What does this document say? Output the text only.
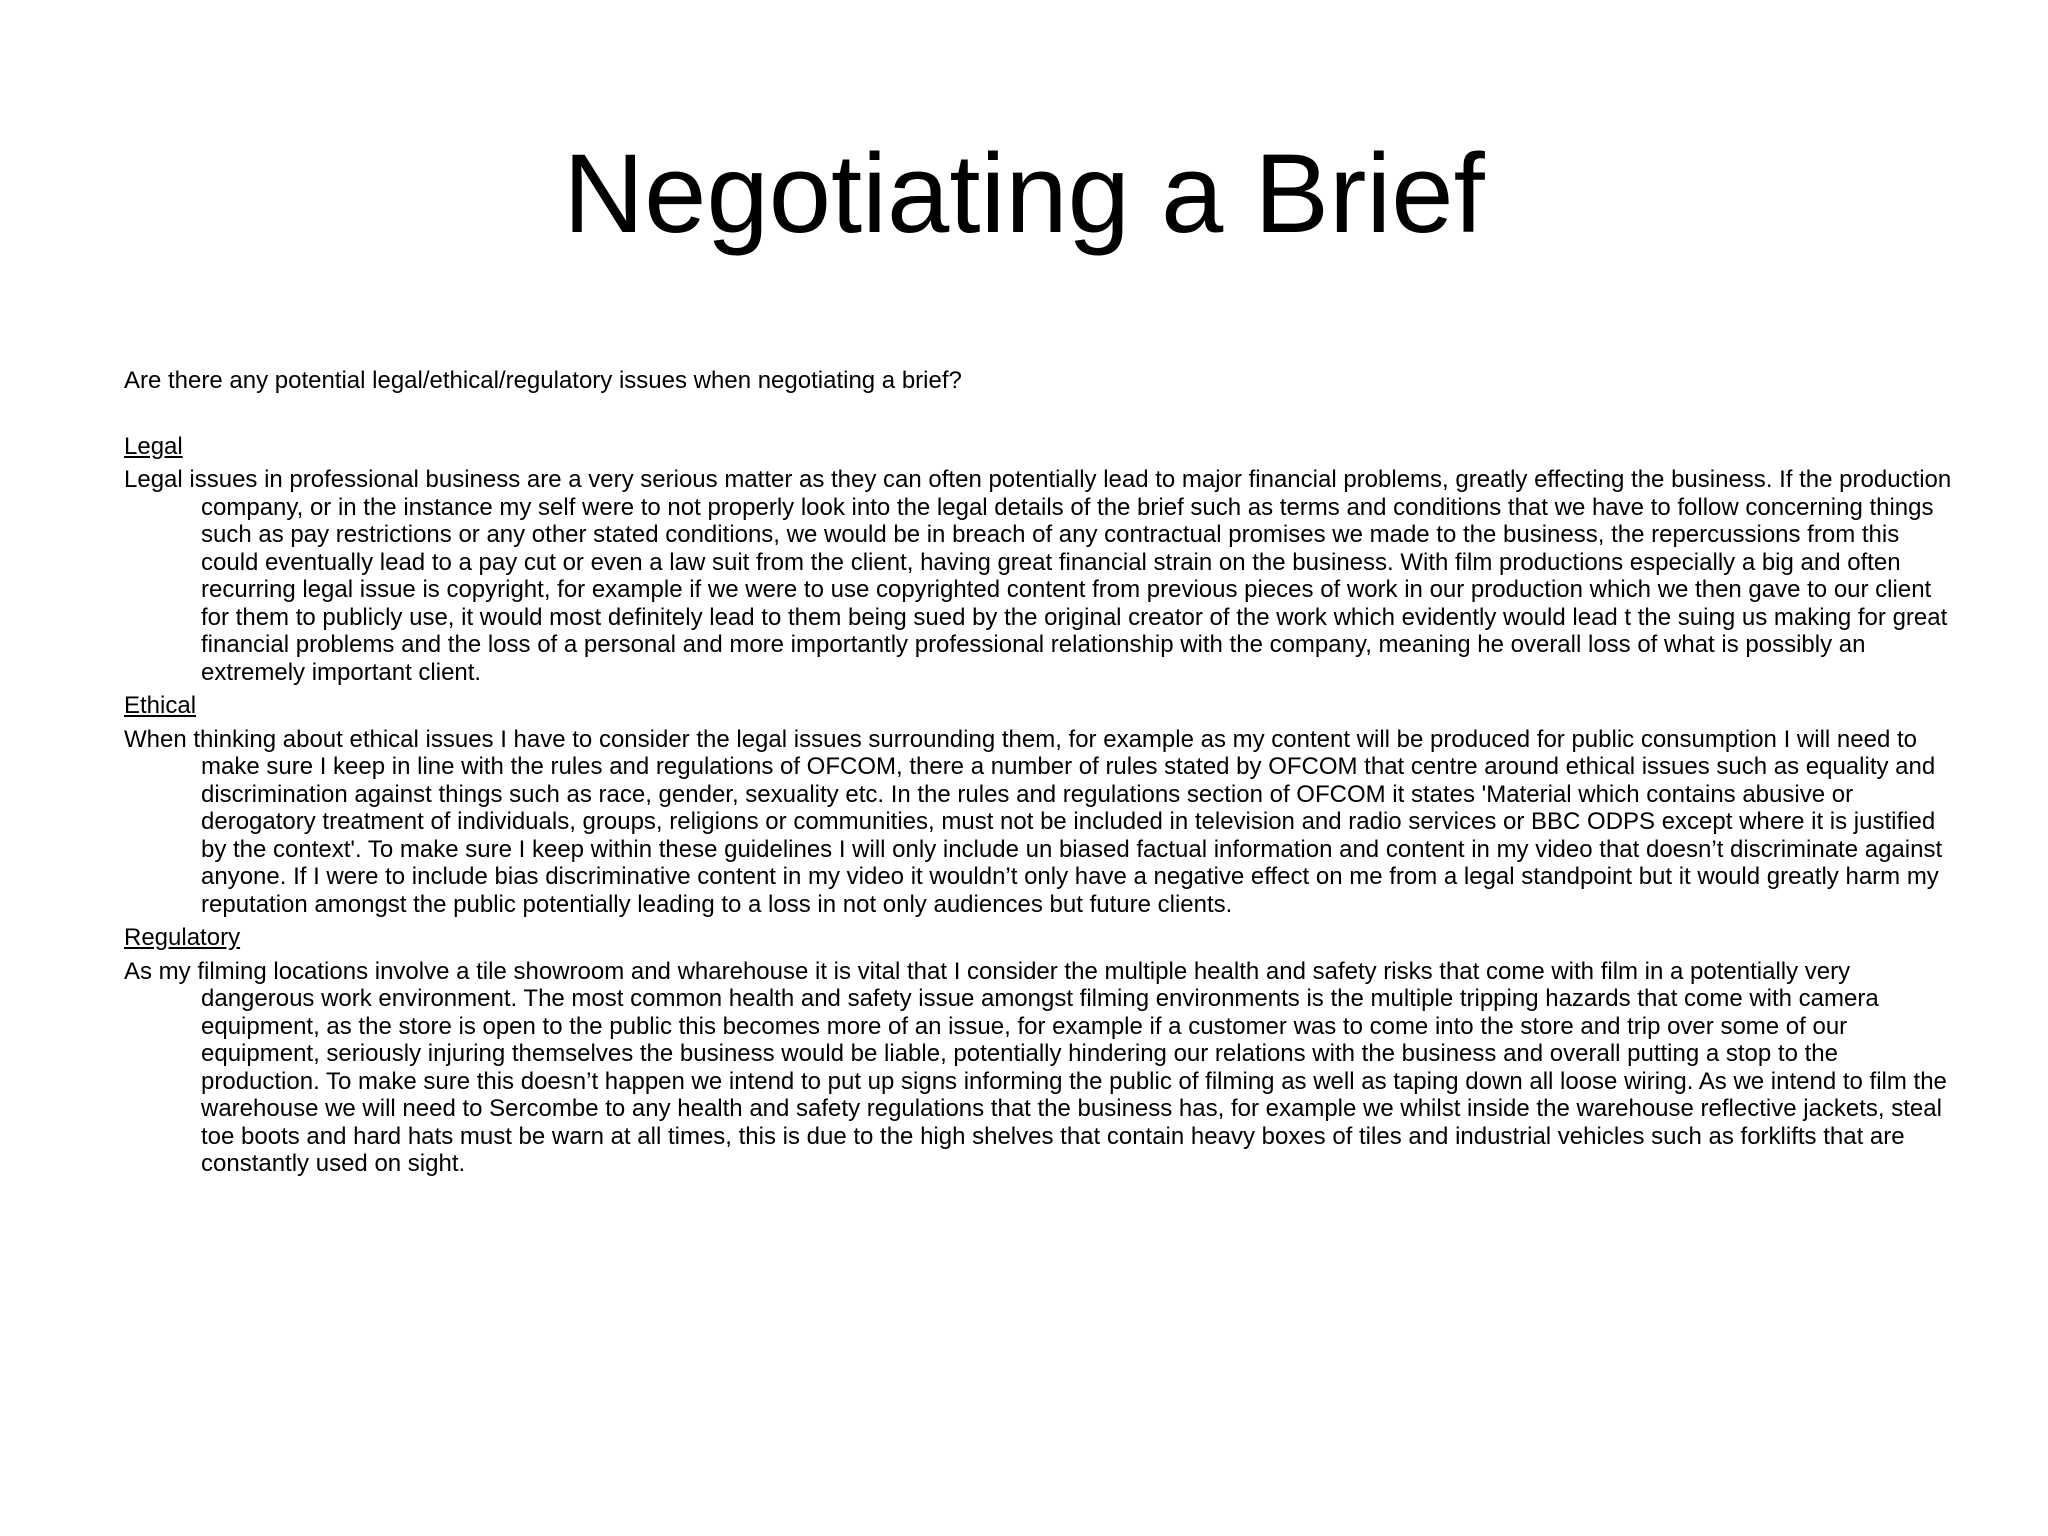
Negotiating a Brief

Are there any potential legal/ethical/regulatory issues when negotiating a brief?

Legal

Legal issues in professional business are a very serious matter as they can often potentially lead to major financial problems, greatly effecting the business. If the production company, or in the instance my self were to not properly look into the legal details of the brief such as terms and conditions that we have to follow concerning things such as pay restrictions or any other stated conditions, we would be in breach of any contractual promises we made to the business, the repercussions from this could eventually lead to a pay cut or even a law suit from the client, having great financial strain on the business. With film productions especially a big and often recurring legal issue is copyright, for example if we were to use copyrighted content from previous pieces of work in our production which we then gave to our client for them to publicly use, it would most definitely lead to them being sued by the original creator of the work which evidently would lead t the suing us making for great financial problems and the loss of a personal and more importantly professional relationship with the company, meaning he overall loss of what is possibly an extremely important client.

Ethical

When thinking about ethical issues I have to consider the legal issues surrounding them, for example as my content will be produced for public consumption I will need to make sure I keep in line with the rules and regulations of OFCOM, there a number of rules stated by OFCOM that centre around ethical issues such as equality and discrimination against things such as race, gender, sexuality etc. In the rules and regulations section of OFCOM it states 'Material which contains abusive or derogatory treatment of individuals, groups, religions or communities, must not be included in television and radio services or BBC ODPS except where it is justified by the context'. To make sure I keep within these guidelines I will only include un biased factual information and content in my video that doesn’t discriminate against anyone. If I were to include bias discriminative content in my video it wouldn’t only have a negative effect on me from a legal standpoint but it would greatly harm my reputation amongst the public potentially leading to a loss in not only audiences but future clients.

Regulatory

As my filming locations involve a tile showroom and wharehouse it is vital that I consider the multiple health and safety risks that come with film in a potentially very dangerous work environment. The most common health and safety issue amongst filming environments is the multiple tripping hazards that come with camera equipment, as the store is open to the public this becomes more of an issue, for example if a customer was to come into the store and trip over some of our equipment, seriously injuring themselves the business would be liable, potentially hindering our relations with the business and overall putting a stop to the production. To make sure this doesn’t happen we intend to put up signs informing the public of filming as well as taping down all loose wiring. As we intend to film the warehouse we will need to Sercombe to any health and safety regulations that the business has, for example we whilst inside the warehouse reflective jackets, steal toe boots and hard hats must be warn at all times, this is due to the high shelves that contain heavy boxes of tiles and industrial vehicles such as forklifts that are constantly used on sight.
